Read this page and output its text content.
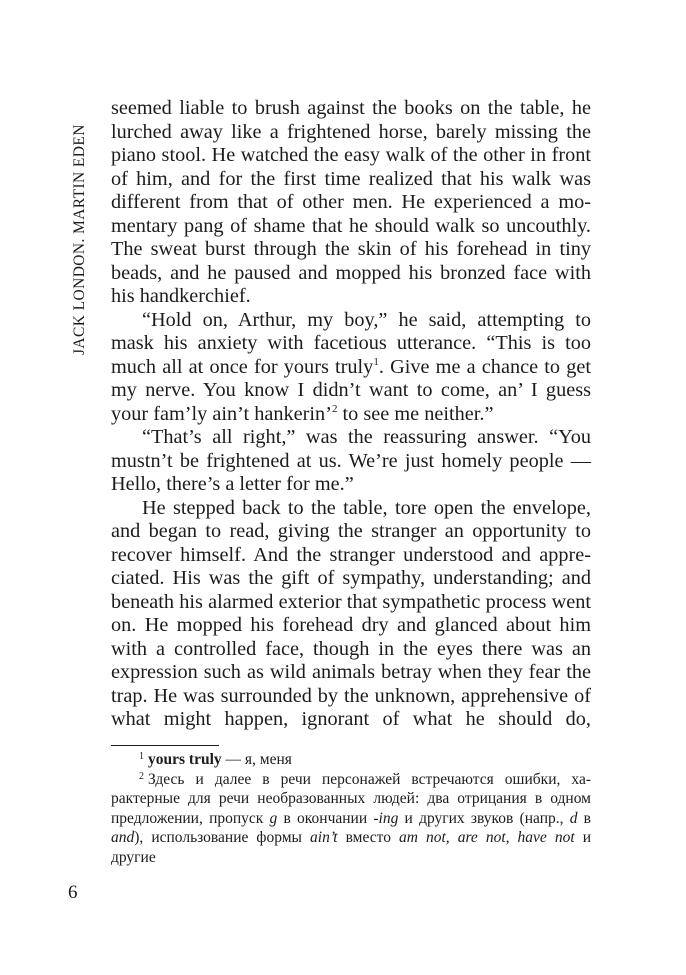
JACK LONDON. MARTIN EDEN

seemed liable to brush against the books on the table, he lurched away like a frightened horse, barely missing the piano stool. He watched the easy walk of the other in front of him, and for the first time realized that his walk was different from that of other men. He experienced a momentary pang of shame that he should walk so uncouthly. The sweat burst through the skin of his forehead in tiny beads, and he paused and mopped his bronzed face with his handkerchief.

“Hold on, Arthur, my boy,” he said, attempting to mask his anxiety with facetious utterance. “This is too much all at once for yours truly$^1$. Give me a chance to get my nerve. You know I didn’t want to come, an’ I guess your fam’ly ain’t hankerin’$^2$ to see me neither.”

“That’s all right,” was the reassuring answer. “You mustn’t be frightened at us. We’re just homely people — Hello, there’s a letter for me.”

He stepped back to the table, tore open the envelope, and began to read, giving the stranger an opportunity to recover himself. And the stranger understood and appreciated. His was the gift of sympathy, understanding; and beneath his alarmed exterior that sympathetic process went on. He mopped his forehead dry and glanced about him with a controlled face, though in the eyes there was an expression such as wild animals betray when they fear the trap. He was surrounded by the unknown, apprehensive of what might happen, ignorant of what he should do,

$^1$ yours truly — я, меня

$^2$ Здесь и далее в речи персонажей встречаются ошибки, характерные для речи необразованных людей: два отрицания в одном предложении, пропуск g в окончании -ing и других звуков (напр., d в and), использование формы ain’t вместо am not, are not, have not и другие

6
